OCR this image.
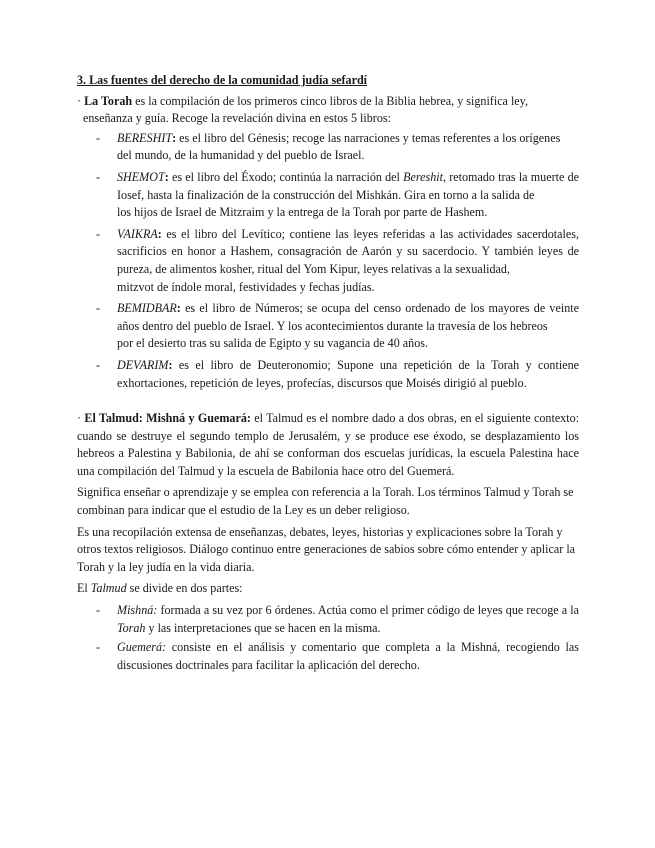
3. Las fuentes del derecho de la comunidad judía sefardí
· La Torah es la compilación de los primeros cinco libros de la Biblia hebrea, y significa ley,
enseñanza y guía. Recoge la revelación divina en estos 5 libros:
- BERESHIT: es el libro del Génesis; recoge las narraciones y temas referentes a los orígenes
del mundo, de la humanidad y del pueblo de Israel.
- SHEMOT: es el libro del Éxodo; continúa la narración del Bereshit, retomado tras la muerte de Iosef, hasta la finalización de la construcción del Mishkán. Gira en torno a la salida de
los hijos de Israel de Mitzraim y la entrega de la Torah por parte de Hashem.
- VAIKRA: es el libro del Levítico; contiene las leyes referidas a las actividades sacerdotales, sacrificios en honor a Hashem, consagración de Aarón y su sacerdocio. Y también leyes de pureza, de alimentos kosher, ritual del Yom Kipur, leyes relativas a la sexualidad,
mitzvot de índole moral, festividades y fechas judías.
- BEMIDBAR: es el libro de Números; se ocupa del censo ordenado de los mayores de veinte años dentro del pueblo de Israel. Y los acontecimientos durante la travesía de los hebreos
por el desierto tras su salida de Egipto y su vagancia de 40 años.
- DEVARIM: es el libro de Deuteronomio; Supone una repetición de la Torah y contiene exhortaciones, repetición de leyes, profecías, discursos que Moisés dirigió al pueblo.

· El Talmud: Mishná y Guemará: el Talmud es el nombre dado a dos obras, en el siguiente contexto: cuando se destruye el segundo templo de Jerusalém, y se produce ese éxodo, se desplazamiento los hebreos a Palestina y Babilonia, de ahí se conforman dos escuelas jurídicas, la escuela Palestina hace una compilación del Talmud y la escuela de Babilonia hace otro del Guemerá.

Significa enseñar o aprendizaje y se emplea con referencia a la Torah. Los términos Talmud y Torah se combinan para indicar que el estudio de la Ley es un deber religioso.

Es una recopilación extensa de enseñanzas, debates, leyes, historias y explicaciones sobre la Torah y otros textos religiosos. Diálogo continuo entre generaciones de sabios sobre cómo entender y aplicar la Torah y la ley judía en la vida diaria.

El Talmud se divide en dos partes:

- Mishná: formada a su vez por 6 órdenes. Actúa como el primer código de leyes que recoge a la Torah y las interpretaciones que se hacen en la misma.
- Guemerá: consiste en el análisis y comentario que completa a la Mishná, recogiendo las discusiones doctrinales para facilitar la aplicación del derecho.
